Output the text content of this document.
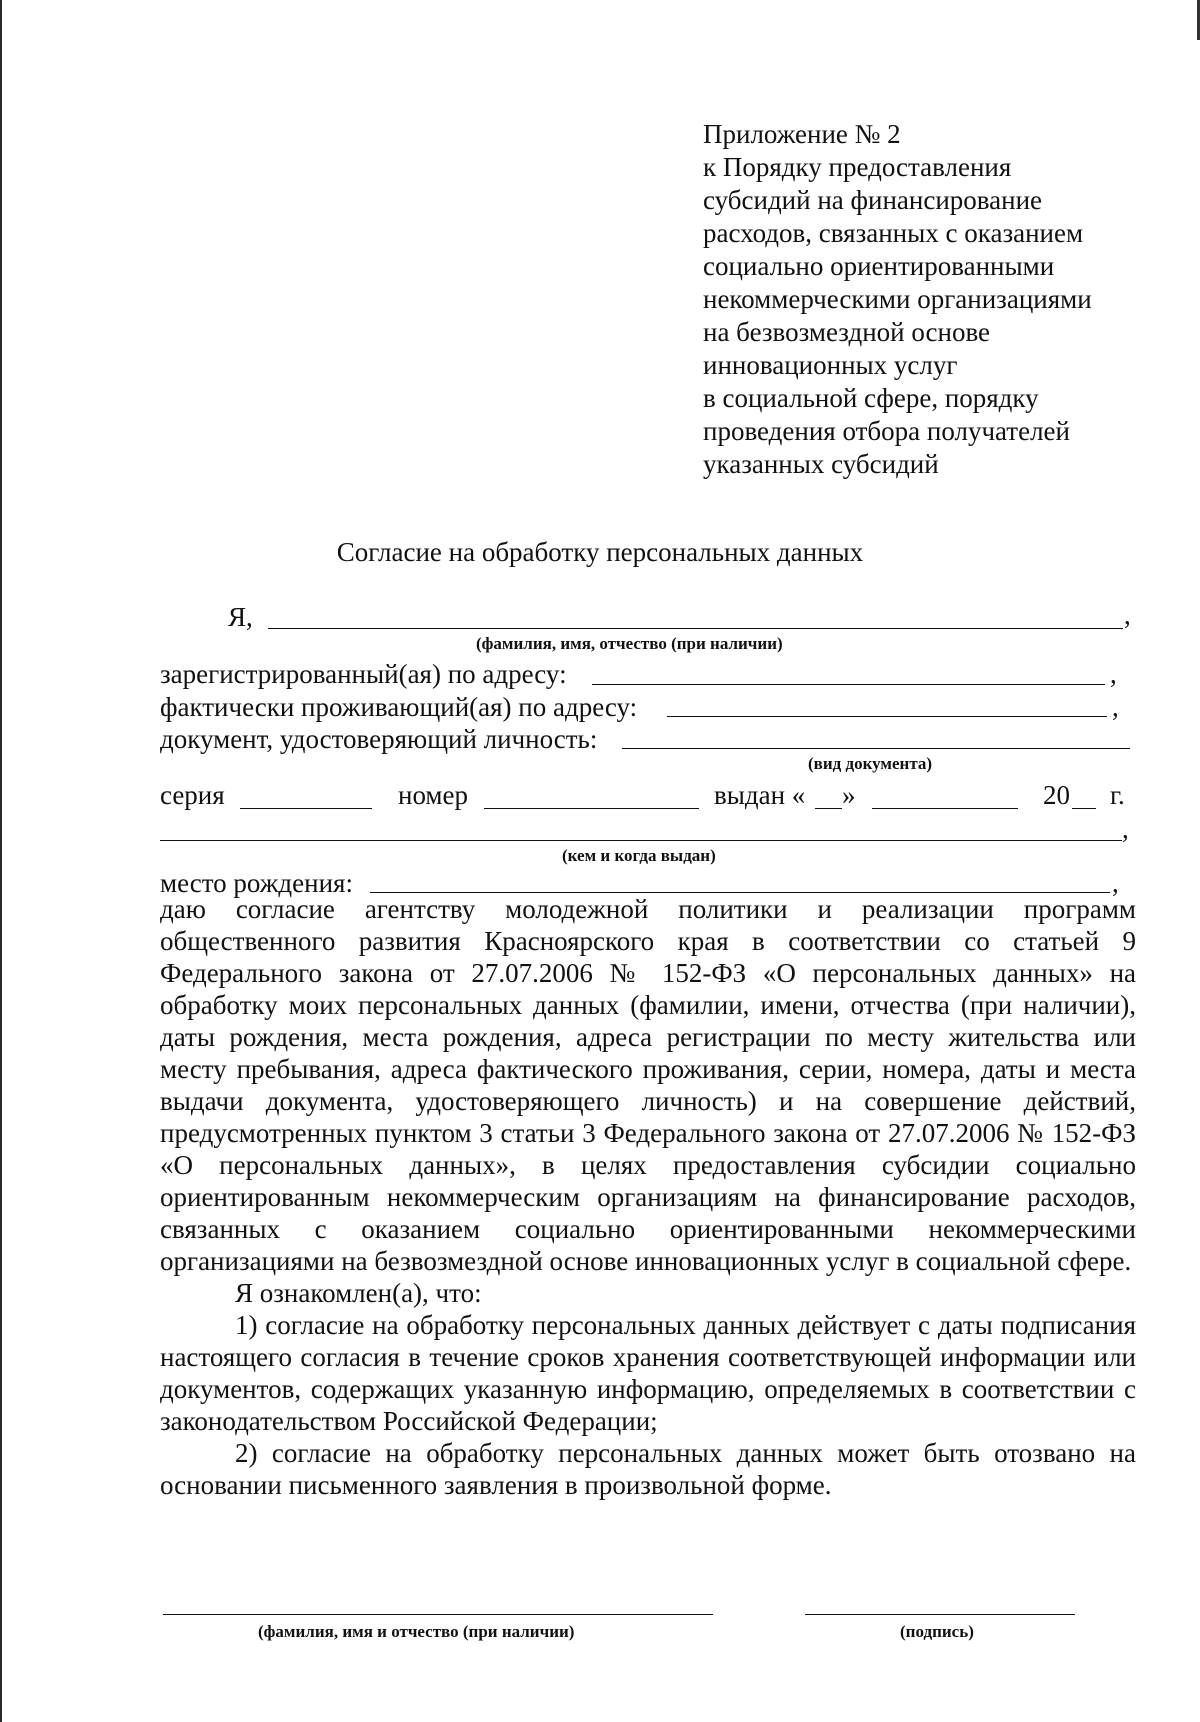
Приложение № 2
к Порядку предоставления
субсидий на финансирование
расходов, связанных с оказанием
социально ориентированными
некоммерческими организациями
на безвозмездной основе
инновационных услуг
в социальной сфере, порядку
проведения отбора получателей
указанных субсидий
Согласие на обработку персональных данных
Я,	,
(фамилия, имя, отчество (при наличии)
зарегистрированный(ая) по адресу:	,
фактически проживающий(ая) по адресу:	,
документ, удостоверяющий личность:
(вид документа)
серия	номер	выдан « »	20 г.
,
(кем и когда выдан)
место рождения:	,

даю согласие агентству молодежной политики и реализации программ общественного развития Красноярского края в соответствии со статьей 9 Федерального закона от 27.07.2006 № 152-ФЗ «О персональных данных» на обработку моих персональных данных (фамилии, имени, отчества (при наличии), даты рождения, места рождения, адреса регистрации по месту жительства или месту пребывания, адреса фактического проживания, серии, номера, даты и места выдачи документа, удостоверяющего личность) и на совершение действий, предусмотренных пунктом 3 статьи 3 Федерального закона от 27.07.2006 № 152-ФЗ «О персональных данных», в целях предоставления субсидии социально ориентированным некоммерческим организациям на финансирование расходов, связанных с оказанием социально ориентированными некоммерческими организациями на безвозмездной основе инновационных услуг в социальной сфере.

Я ознакомлен(а), что:

1) согласие на обработку персональных данных действует с даты подписания настоящего согласия в течение сроков хранения соответствующей информации или документов, содержащих указанную информацию, определяемых в соответствии с законодательством Российской Федерации;

2) согласие на обработку персональных данных может быть отозвано на основании письменного заявления в произвольной форме.

(фамилия, имя и отчество (при наличии)	(подпись)
